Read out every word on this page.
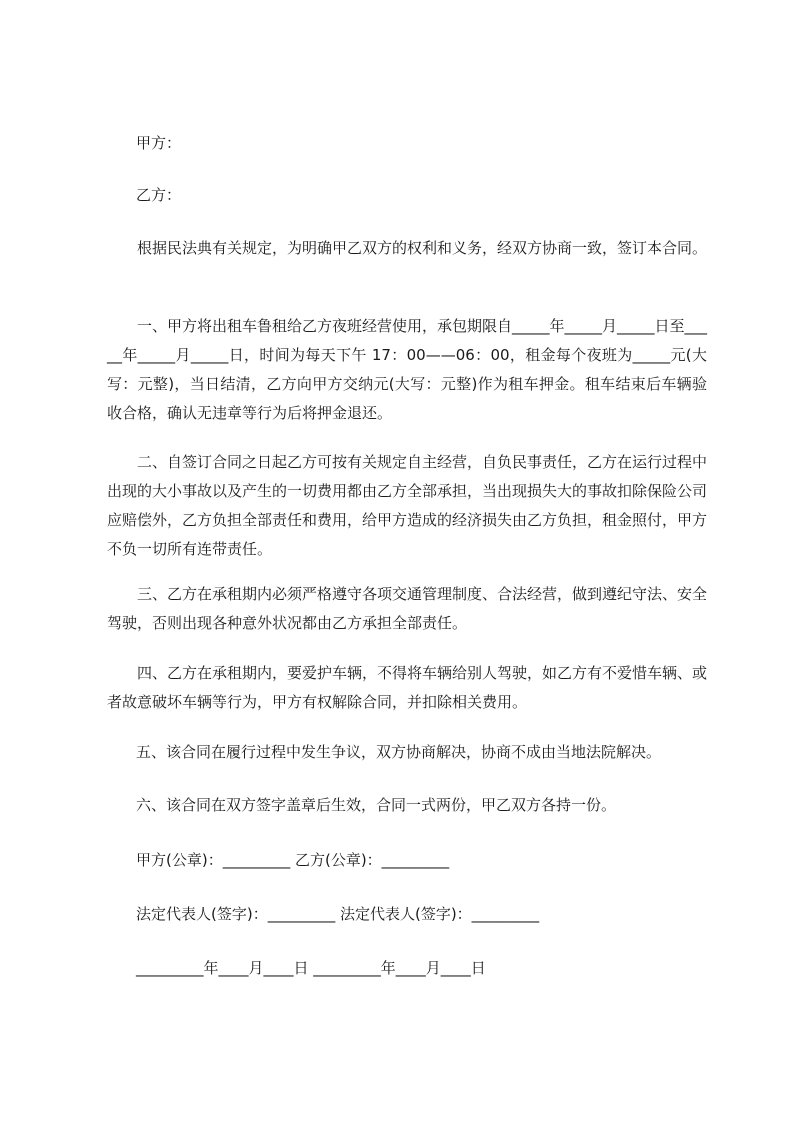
甲方：
乙方：
根据民法典有关规定，为明确甲乙双方的权利和义务，经双方协商一致，签订本合同。
一、甲方将出租车鲁租给乙方夜班经营使用，承包期限自_____年_____月_____日至_____年_____月_____日，时间为每天下午 17：00——06：00，租金每个夜班为_____元(大写：元整)，当日结清，乙方向甲方交纳元(大写：元整)作为租车押金。租车结束后车辆验收合格，确认无违章等行为后将押金退还。
二、自签订合同之日起乙方可按有关规定自主经营，自负民事责任，乙方在运行过程中出现的大小事故以及产生的一切费用都由乙方全部承担，当出现损失大的事故扣除保险公司应赔偿外，乙方负担全部责任和费用，给甲方造成的经济损失由乙方负担，租金照付，甲方不负一切所有连带责任。
三、乙方在承租期内必须严格遵守各项交通管理制度、合法经营，做到遵纪守法、安全驾驶，否则出现各种意外状况都由乙方承担全部责任。
四、乙方在承租期内，要爱护车辆，不得将车辆给别人驾驶，如乙方有不爱惜车辆、或者故意破坏车辆等行为，甲方有权解除合同，并扣除相关费用。
五、该合同在履行过程中发生争议，双方协商解决，协商不成由当地法院解决。
六、该合同在双方签字盖章后生效，合同一式两份，甲乙双方各持一份。
甲方(公章)：_________ 乙方(公章)：_________
法定代表人(签字)：_________ 法定代表人(签字)：_________
_________年____月____日 _________年____月____日
